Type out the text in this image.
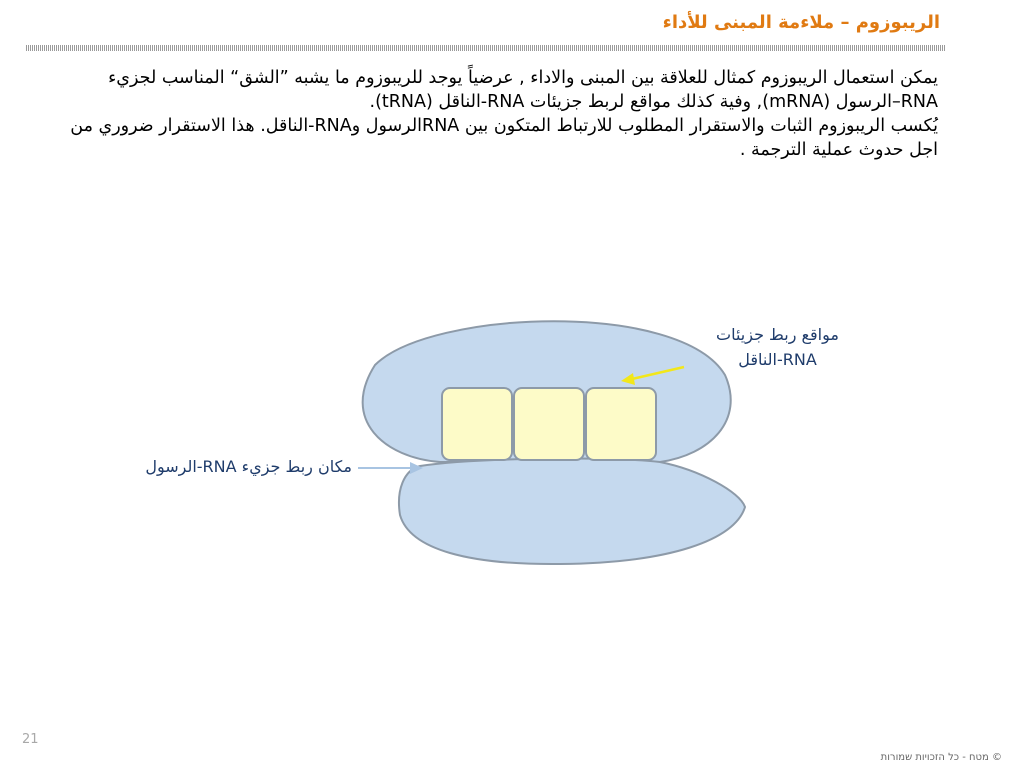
الريبوزوم – ملاءمة المبنى للأداء

يمكن استعمال الريبوزوم كمثال للعلاقة بين المبنى والاداء , عرضياً يوجد للريبوزوم ما يشبه ”الشق“ المناسب لجزيء RNA–الرسول (mRNA), وفية كذلك مواقع لربط جزيئات RNA-الناقل (tRNA).

يُكسب الريبوزوم الثبات والاستقرار المطلوب للارتباط المتكون بين RNAالرسول وRNA-الناقل. هذا الاستقرار ضروري من اجل حدوث عملية الترجمة .

مواقع ربط جزيئات
RNA-الناقل
مكان ربط جزيء RNA-الرسول
21
© מטח - כל הזכויות שמורות
